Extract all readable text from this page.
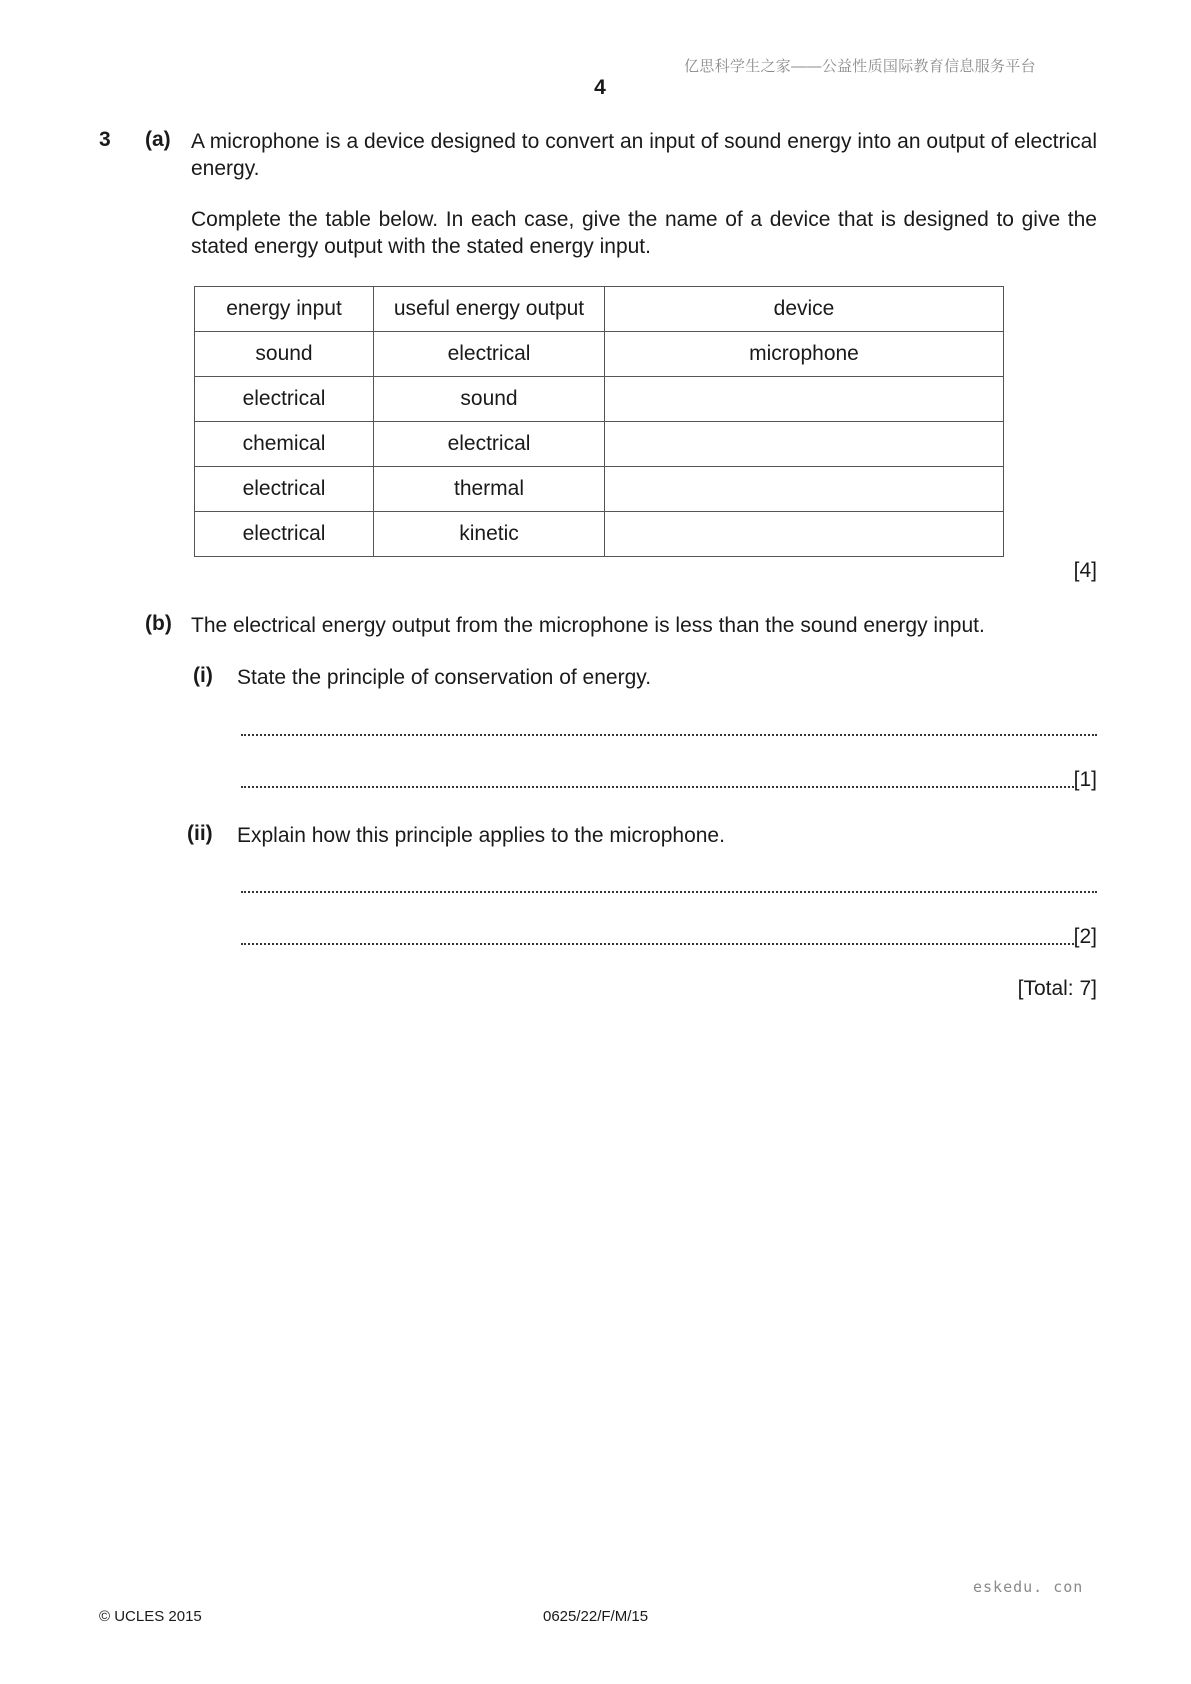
亿思科学生之家——公益性质国际教育信息服务平台
4
3 (a) A microphone is a device designed to convert an input of sound energy into an output of electrical energy.
Complete the table below. In each case, give the name of a device that is designed to give the stated energy output with the stated energy input.
energy input	useful energy output	device
sound	electrical	microphone
electrical	sound	
chemical	electrical	
electrical	thermal	
electrical	kinetic	
[4]
(b) The electrical energy output from the microphone is less than the sound energy input.
(i) State the principle of conservation of energy.
[1]
(ii) Explain how this principle applies to the microphone.
[2]
[Total: 7]
eskedu. con
© UCLES 2015	0625/22/F/M/15
